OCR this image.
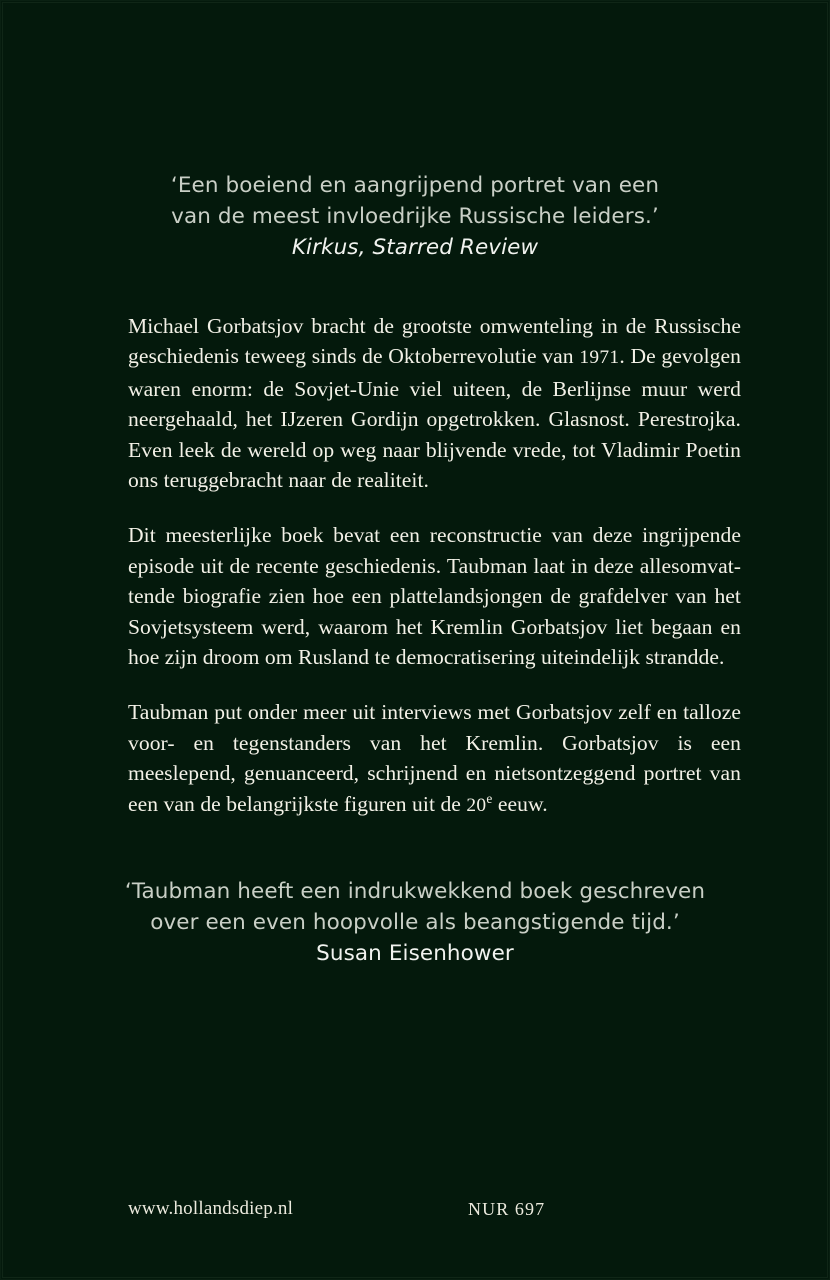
‘Een boeiend en aangrijpend portret van een
van de meest invloedrijke Russische leiders.’
Kirkus, Starred Review

Michael Gorbatsjov bracht de grootste omwenteling in de Russische geschiedenis teweeg sinds de Oktoberrevolutie van 1971. De gevolgen waren enorm: de Sovjet-Unie viel uiteen, de Berlijnse muur werd neergehaald, het IJzeren Gordijn opgetrokken. Glasnost. Perestrojka. Even leek de wereld op weg naar blijvende vrede, tot Vladimir Poetin ons teruggebracht naar de realiteit.

Dit meesterlijke boek bevat een reconstructie van deze ingrijpende episode uit de recente geschiedenis. Taubman laat in deze allesomvattende biografie zien hoe een plattelandsjongen de grafdelver van het Sovjetsysteem werd, waarom het Kremlin Gorbatsjov liet begaan en hoe zijn droom om Rusland te democratisering uiteindelijk strandde.

Taubman put onder meer uit interviews met Gorbatsjov zelf en talloze voor- en tegenstanders van het Kremlin. Gorbatsjov is een meeslepend, genuanceerd, schrijnend en nietsontzeggend portret van een van de belangrijkste figuren uit de 20e eeuw.

‘Taubman heeft een indrukwekkend boek geschreven
over een even hoopvolle als beangstigende tijd.’
Susan Eisenhower
www.hollandsdiep.nl	NUR 697
